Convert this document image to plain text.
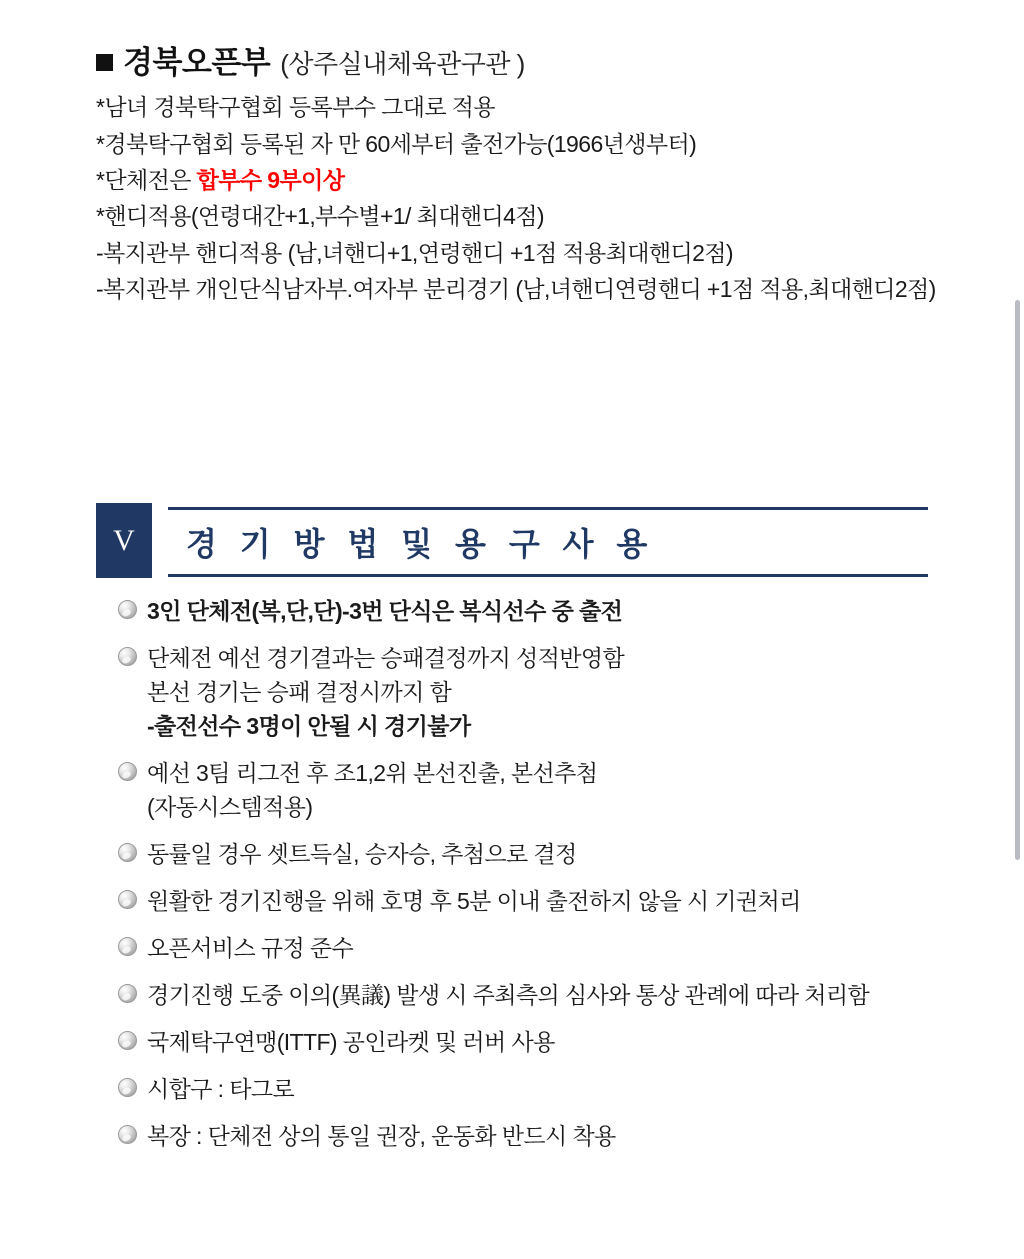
경북오픈부 (상주실내체육관구관 )
*남녀 경북탁구협회 등록부수 그대로 적용
*경북탁구협회 등록된 자 만 60세부터 출전가능(1966년생부터)
*단체전은 합부수 9부이상
*핸디적용(연령대간+1,부수별+1/ 최대핸디4점)
-복지관부 핸디적용 (남,녀핸디+1,연령핸디 +1점 적용최대핸디2점)
-복지관부 개인단식남자부.여자부 분리경기 (남,녀핸디연령핸디 +1점 적용,최대핸디2점)
V	경 기 방 법 및 용 구 사 용
3인 단체전(복,단,단)-3번 단식은 복식선수 중 출전
단체전 예선 경기결과는 승패결정까지 성적반영함
본선 경기는 승패 결정시까지 함
-출전선수 3명이 안될 시 경기불가
예선 3팀 리그전 후 조1,2위 본선진출, 본선추첨
(자동시스템적용)
동률일 경우 셋트득실, 승자승, 추첨으로 결정
원활한 경기진행을 위해 호명 후 5분 이내 출전하지 않을 시 기권처리
오픈서비스 규정 준수
경기진행 도중 이의(異議) 발생 시 주최측의 심사와 통상 관례에 따라 처리함
국제탁구연맹(ITTF) 공인라켓 및 러버 사용
시합구 : 타그로
복장 : 단체전 상의 통일 권장, 운동화 반드시 착용
